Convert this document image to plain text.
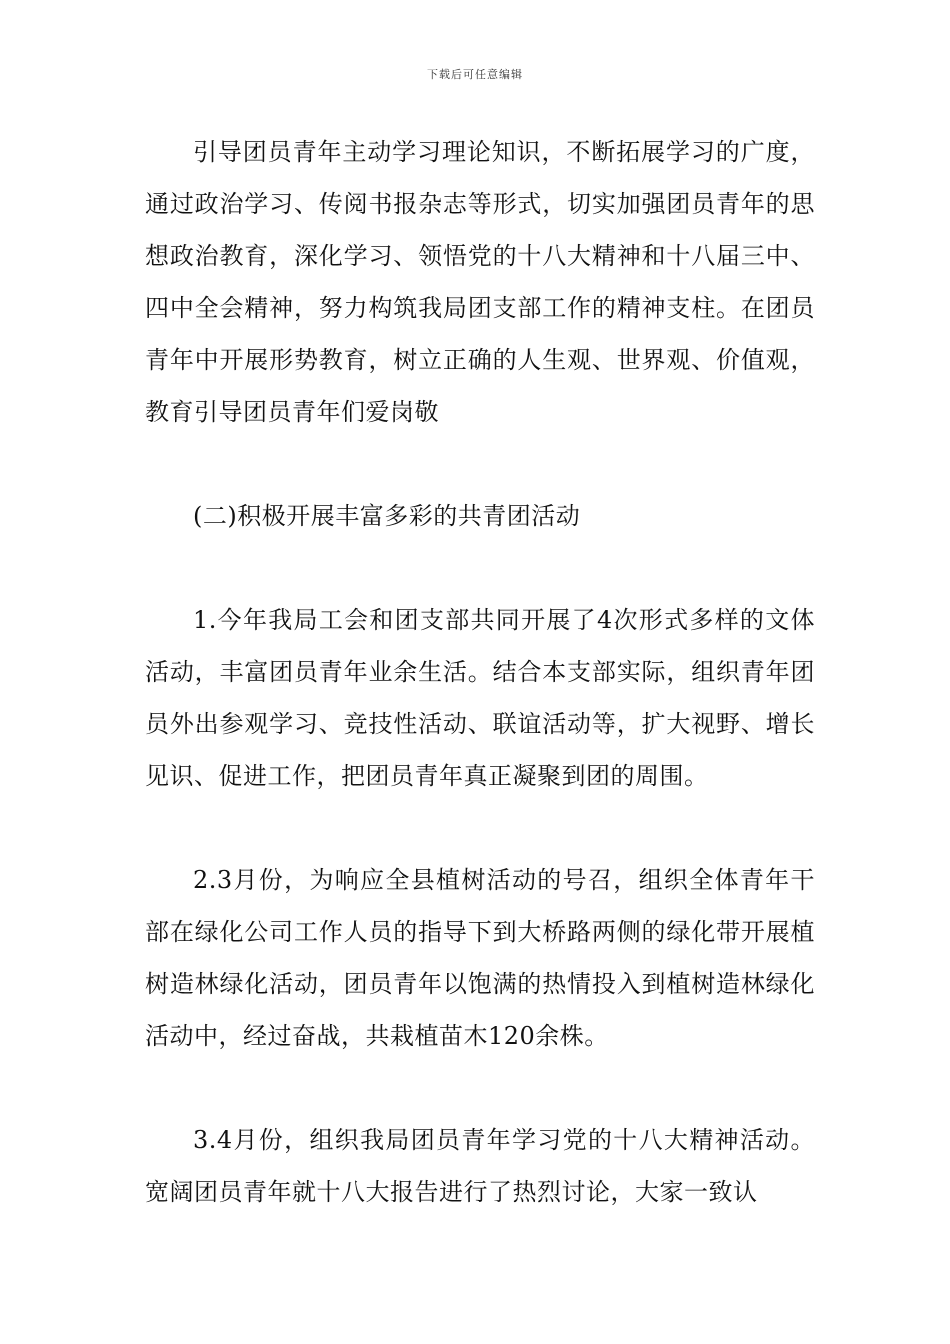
下载后可任意编辑

引导团员青年主动学习理论知识，不断拓展学习的广度，通过政治学习、传阅书报杂志等形式，切实加强团员青年的思想政治教育，深化学习、领悟党的十八大精神和十八届三中、四中全会精神，努力构筑我局团支部工作的精神支柱。在团员青年中开展形势教育，树立正确的人生观、世界观、价值观，教育引导团员青年们爱岗敬

(二)积极开展丰富多彩的共青团活动

1.今年我局工会和团支部共同开展了4次形式多样的文体活动，丰富团员青年业余生活。结合本支部实际，组织青年团员外出参观学习、竞技性活动、联谊活动等，扩大视野、增长见识、促进工作，把团员青年真正凝聚到团的周围。

2.3月份，为响应全县植树活动的号召，组织全体青年干部在绿化公司工作人员的指导下到大桥路两侧的绿化带开展植树造林绿化活动，团员青年以饱满的热情投入到植树造林绿化活动中，经过奋战，共栽植苗木120余株。

3.4月份，组织我局团员青年学习党的十八大精神活动。宽阔团员青年就十八大报告进行了热烈讨论，大家一致认
